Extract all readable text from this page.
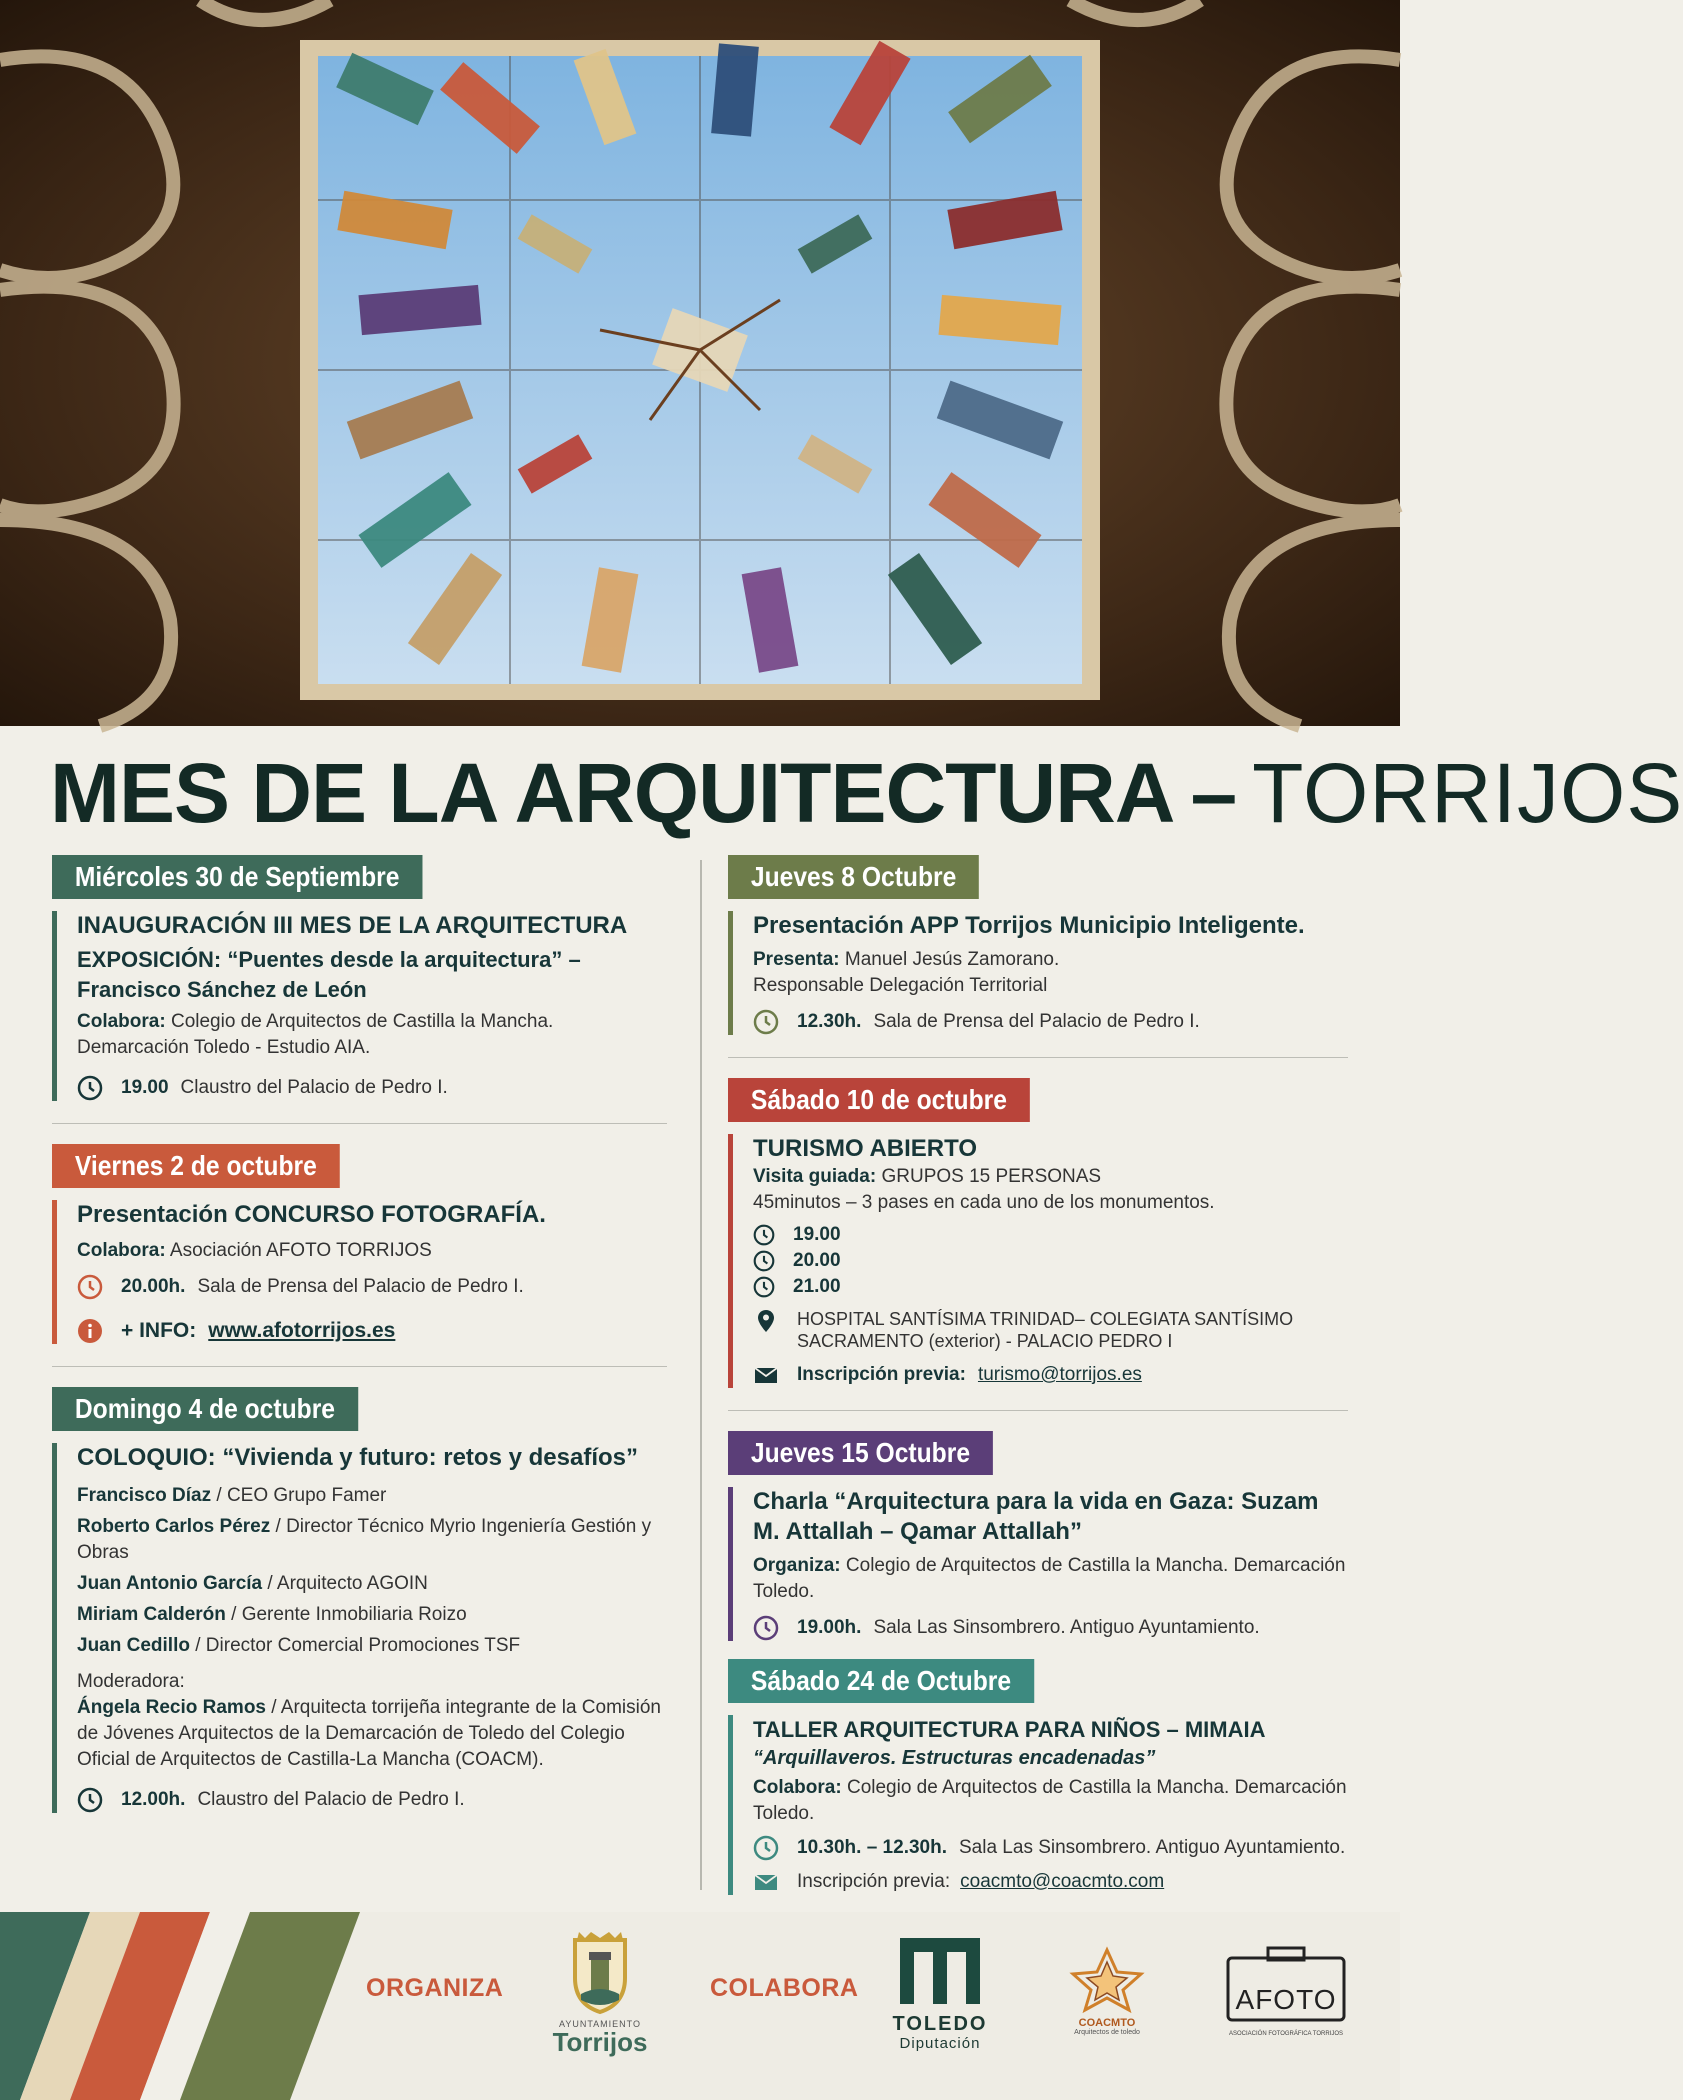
MES DE LA ARQUITECTURA – TORRIJOS
Miércoles 30 de Septiembre
INAUGURACIÓN III MES DE LA ARQUITECTURA
EXPOSICIÓN: “Puentes desde la arquitectura” – Francisco Sánchez de León
Colabora: Colegio de Arquitectos de Castilla la Mancha. Demarcación Toledo - Estudio AIA.
19.00 Claustro del Palacio de Pedro I.
Viernes 2 de octubre
Presentación CONCURSO FOTOGRAFÍA.
Colabora: Asociación AFOTO TORRIJOS
20.00h. Sala de Prensa del Palacio de Pedro I.
+ INFO: www.afotorrijos.es
Domingo 4 de octubre
COLOQUIO: “Vivienda y futuro: retos y desafíos”
Francisco Díaz / CEO Grupo Famer
Roberto Carlos Pérez / Director Técnico Myrio Ingeniería Gestión y Obras
Juan Antonio García / Arquitecto AGOIN
Miriam Calderón / Gerente Inmobiliaria Roizo
Juan Cedillo / Director Comercial Promociones TSF
Moderadora:
Ángela Recio Ramos / Arquitecta torrijeña integrante de la Comisión de Jóvenes Arquitectos de la Demarcación de Toledo del Colegio Oficial de Arquitectos de Castilla-La Mancha (COACM).
12.00h. Claustro del Palacio de Pedro I.
Jueves 8 Octubre
Presentación APP Torrijos Municipio Inteligente.
Presenta: Manuel Jesús Zamorano.
Responsable Delegación Territorial
12.30h. Sala de Prensa del Palacio de Pedro I.
Sábado 10 de octubre
TURISMO ABIERTO
Visita guiada: GRUPOS 15 PERSONAS
45minutos – 3 pases en cada uno de los monumentos.
19.00
20.00
21.00
HOSPITAL SANTÍSIMA TRINIDAD– COLEGIATA SANTÍSIMO SACRAMENTO (exterior) - PALACIO PEDRO I
Inscripción previa: turismo@torrijos.es
Jueves 15 Octubre
Charla “Arquitectura para la vida en Gaza: Suzam M. Attallah – Qamar Attallah”
Organiza: Colegio de Arquitectos de Castilla la Mancha. Demarcación Toledo.
19.00h. Sala Las Sinsombrero. Antiguo Ayuntamiento.
Sábado 24 de Octubre
TALLER ARQUITECTURA PARA NIÑOS – MIMAIA
“Arquillaveros. Estructuras encadenadas”
Colabora: Colegio de Arquitectos de Castilla la Mancha. Demarcación Toledo.
10.30h. – 12.30h. Sala Las Sinsombrero. Antiguo Ayuntamiento.
Inscripción previa: coacmto@coacmto.com
ORGANIZA
AYUNTAMIENTO
Torrijos
COLABORA
TOLEDO
Diputación
COACMTO
Arquitectos de toledo
AFOTO
ASOCIACIÓN FOTOGRÁFICA TORRIJOS
